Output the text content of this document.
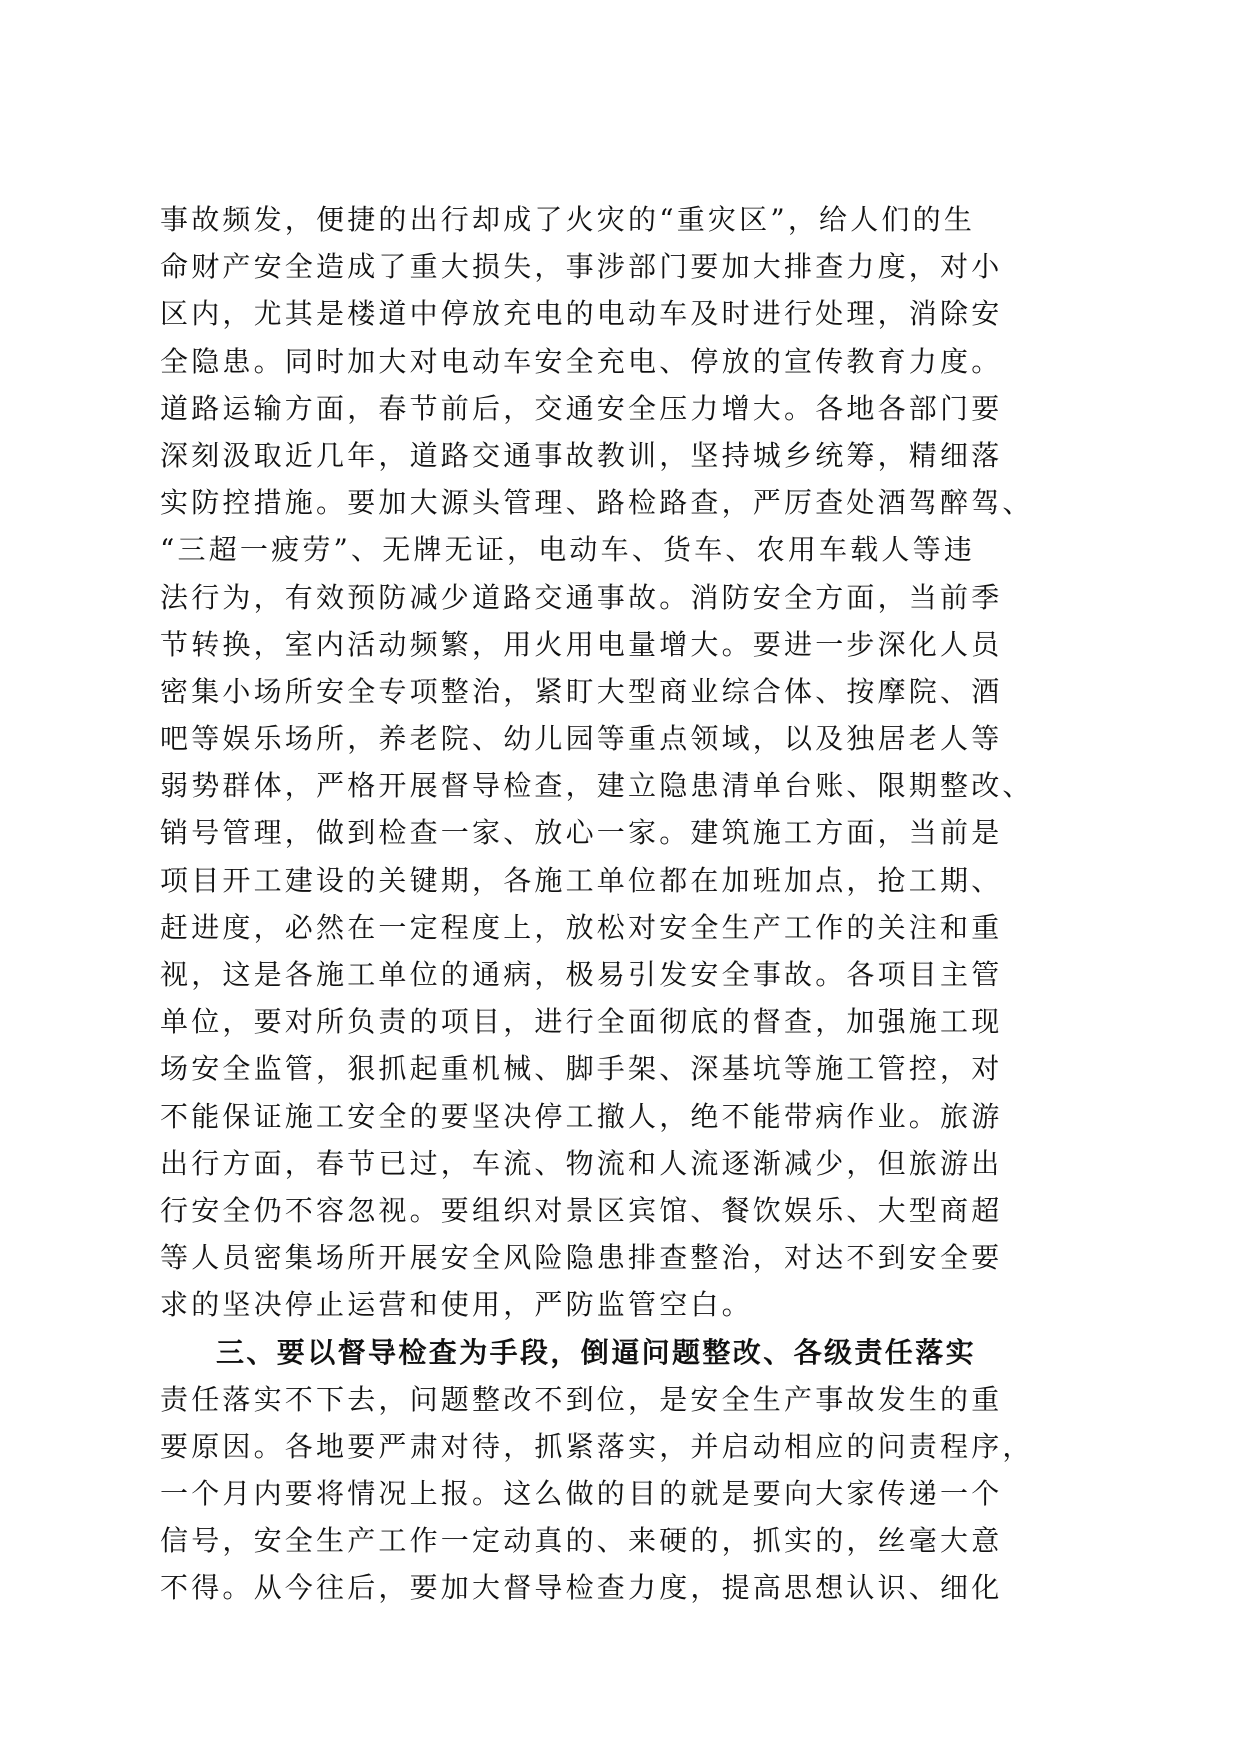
事故频发，便捷的出行却成了火灾的“重灾区”，给人们的生
命财产安全造成了重大损失，事涉部门要加大排查力度，对小
区内，尤其是楼道中停放充电的电动车及时进行处理，消除安
全隐患。同时加大对电动车安全充电、停放的宣传教育力度。
道路运输方面，春节前后，交通安全压力增大。各地各部门要
深刻汲取近几年，道路交通事故教训，坚持城乡统筹，精细落
实防控措施。要加大源头管理、路检路查，严厉查处酒驾醉驾、
“三超一疲劳”、无牌无证，电动车、货车、农用车载人等违
法行为，有效预防减少道路交通事故。消防安全方面，当前季
节转换，室内活动频繁，用火用电量增大。要进一步深化人员
密集小场所安全专项整治，紧盯大型商业综合体、按摩院、酒
吧等娱乐场所，养老院、幼儿园等重点领域，以及独居老人等
弱势群体，严格开展督导检查，建立隐患清单台账、限期整改、
销号管理，做到检查一家、放心一家。建筑施工方面，当前是
项目开工建设的关键期，各施工单位都在加班加点，抢工期、
赶进度，必然在一定程度上，放松对安全生产工作的关注和重
视，这是各施工单位的通病，极易引发安全事故。各项目主管
单位，要对所负责的项目，进行全面彻底的督查，加强施工现
场安全监管，狠抓起重机械、脚手架、深基坑等施工管控，对
不能保证施工安全的要坚决停工撤人，绝不能带病作业。旅游
出行方面，春节已过，车流、物流和人流逐渐减少，但旅游出
行安全仍不容忽视。要组织对景区宾馆、餐饮娱乐、大型商超
等人员密集场所开展安全风险隐患排查整治，对达不到安全要
求的坚决停止运营和使用，严防监管空白。
三、要以督导检查为手段，倒逼问题整改、各级责任落实
责任落实不下去，问题整改不到位，是安全生产事故发生的重
要原因。各地要严肃对待，抓紧落实，并启动相应的问责程序，
一个月内要将情况上报。这么做的目的就是要向大家传递一个
信号，安全生产工作一定动真的、来硬的，抓实的，丝毫大意
不得。从今往后，要加大督导检查力度，提高思想认识、细化
